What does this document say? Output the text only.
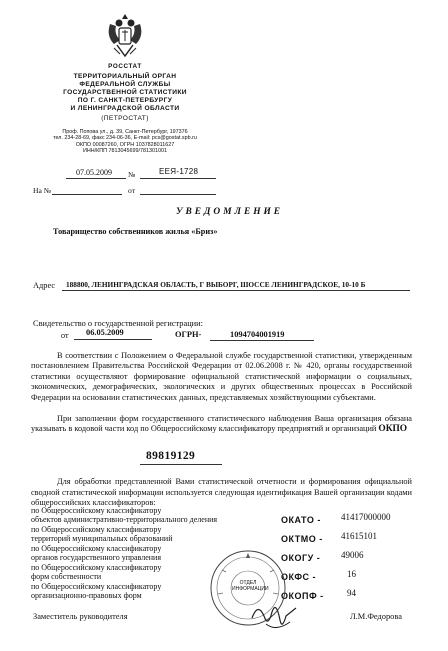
РОССТАТ
ТЕРРИТОРИАЛЬНЫЙ ОРГАН
ФЕДЕРАЛЬНОЙ СЛУЖБЫ
ГОСУДАРСТВЕННОЙ СТАТИСТИКИ
ПО Г. САНКТ-ПЕТЕРБУРГУ
И ЛЕНИНГРАДСКОЙ ОБЛАСТИ
(ПЕТРОСТАТ)
Проф. Попова ул., д. 39, Санкт-Петербург, 197376
тел. 234-28-69, факс 234-06-36, E-mail: pcs@gostat.spb.ru
ОКПО 00087260, ОГРН 1037828011627
ИНН/КПП 7813045699/781301001
07.05.2009 №	ЕЕЯ-1728
На №	от
УВЕДОМЛЕНИЕ
Товарищество собственников жилья «Бриз»
Адрес 188800, ЛЕНИНГРАДСКАЯ ОБЛАСТЬ, Г ВЫБОРГ, ШОССЕ ЛЕНИНГРАДСКОЕ, 10-10 Б
Свидетельство о государственной регистрации:
от 06.05.2009	ОГРН-	1094704001919
В соответствии с Положением о Федеральной службе государственной статистики, утвержденным постановлением Правительства Российской Федерации от 02.06.2008 г. № 420, органы государственной статистики осуществляют формирование официальной статистической информации о социальных, экономических, демографических, экологических и других общественных процессах в Российской Федерации на основании статистических данных, представляемых хозяйствующими субъектами.
При заполнении форм государственного статистического наблюдения Ваша организация обязана указывать в кодовой части код по Общероссийскому классификатору предприятий и организаций ОКПО
89819129
Для обработки представленной Вами статистической отчетности и формирования официальной сводной статистической информации используется следующая идентификация Вашей организации кодами общероссийских классификаторов:
по Общероссийскому классификатору
объектов административно-территориального деления	ОКАТО - 41417000000
по Общероссийскому классификатору
территорий муниципальных образований	ОКТМО - 41615101
по Общероссийскому классификатору
органов государственного управления	ОКОГУ - 49006
по Общероссийскому классификатору
форм собственности	ОКФС -	16
по Общероссийскому классификатору
организационно-правовых форм	ОКОПФ -	94
ОТДЕЛ ИНФОРМАЦИИ
Заместитель руководителя	Л.М.Федорова
